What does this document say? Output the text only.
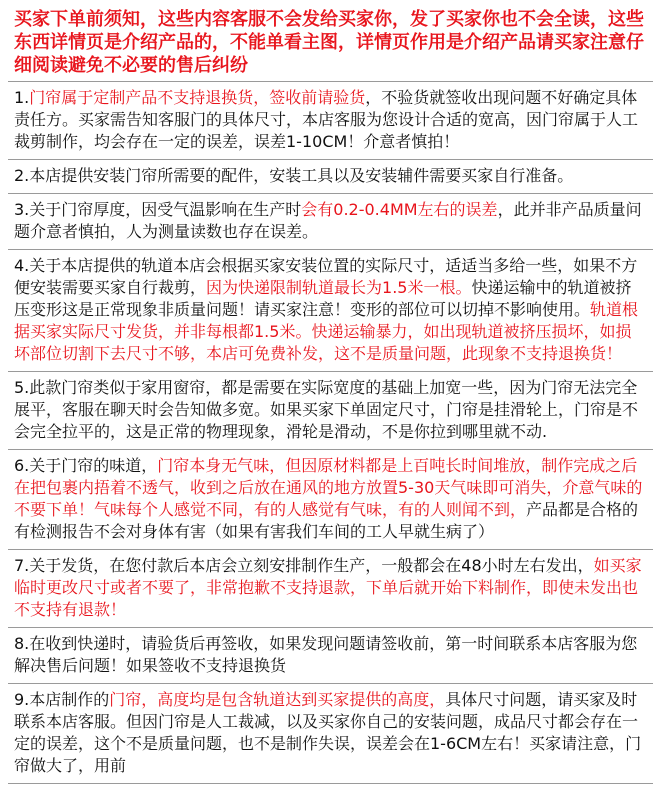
买家下单前须知，这些内容客服不会发给买家你，发了买家你也不会全读，这些东西详情页是介绍产品的，不能单看主图，详情页作用是介绍产品请买家注意仔细阅读避免不必要的售后纠纷
1.门帘属于定制产品不支持退换货，签收前请验货，不验货就签收出现问题不好确定具体责任方。买家需告知客服门的具体尺寸，本店客服为您设计合适的宽高，因门帘属于人工裁剪制作，均会存在一定的误差，误差1-10CM！介意者慎拍！
2.本店提供安装门帘所需要的配件，安装工具以及安装辅件需要买家自行准备。
3.关于门帘厚度，因受气温影响在生产时会有0.2-0.4MM左右的误差，此并非产品质量问题介意者慎拍，人为测量读数也存在误差。
4.关于本店提供的轨道本店会根据买家安装位置的实际尺寸，适适当多给一些，如果不方便安装需要买家自行裁剪，因为快递限制轨道最长为1.5米一根。快递运输中的轨道被挤压变形这是正常现象非质量问题！请买家注意！变形的部位可以切掉不影响使用。轨道根据买家实际尺寸发货，并非每根都1.5米。快递运输暴力，如出现轨道被挤压损坏，如损坏部位切割下去尺寸不够，本店可免费补发，这不是质量问题，此现象不支持退换货！
5.此款门帘类似于家用窗帘，都是需要在实际宽度的基础上加宽一些，因为门帘无法完全展平，客服在聊天时会告知做多宽。如果买家下单固定尺寸，门帘是挂滑轮上，门帘是不会完全拉平的，这是正常的物理现象，滑轮是滑动，不是你拉到哪里就不动.
6.关于门帘的味道，门帘本身无气味，但因原材料都是上百吨长时间堆放，制作完成之后在把包裹内捂着不透气，收到之后放在通风的地方放置5-30天气味即可消失，介意气味的不要下单！气味每个人感觉不同，有的人感觉有气味，有的人则闻不到，产品都是合格的有检测报告不会对身体有害（如果有害我们车间的工人早就生病了）
7.关于发货，在您付款后本店会立刻安排制作生产，一般都会在48小时左右发出，如买家临时更改尺寸或者不要了，非常抱歉不支持退款，下单后就开始下料制作，即使未发出也不支持有退款！
8.在收到快递时，请验货后再签收，如果发现问题请签收前，第一时间联系本店客服为您解决售后问题！如果签收不支持退换货
9.本店制作的门帘，高度均是包含轨道达到买家提供的高度，具体尺寸问题，请买家及时联系本店客服。但因门帘是人工裁减，以及买家你自己的安装问题，成品尺寸都会存在一定的误差，这个不是质量问题，也不是制作失误，误差会在1-6CM左右！买家请注意，门帘做大了，用前
